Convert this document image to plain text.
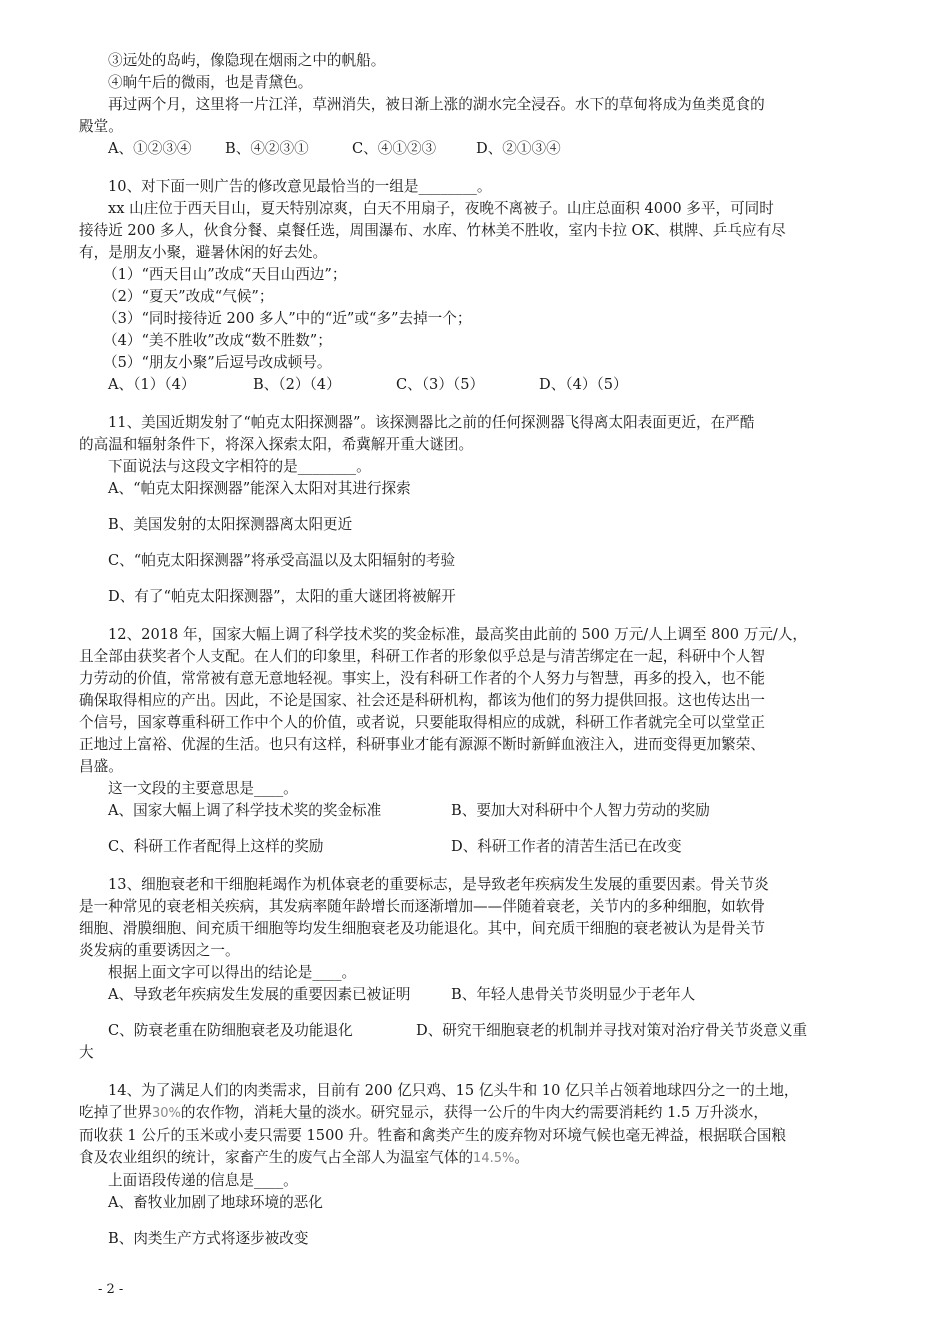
③远处的岛屿，像隐现在烟雨之中的帆船。
④晌午后的微雨，也是青黛色。
再过两个月，这里将一片江洋，草洲消失，被日渐上涨的湖水完全浸吞。水下的草甸将成为鱼类觅食的
殿堂。
A、①②③④ B、④②③①	C、④①②③	D、②①③④
10、对下面一则广告的修改意见最恰当的一组是________。
xx 山庄位于西天目山，夏天特别凉爽，白天不用扇子，夜晚不离被子。山庄总面积 4000 多平，可同时
接待近 200 多人，伙食分餐、桌餐任选，周围瀑布、水库、竹林美不胜收，室内卡拉 OK、棋牌、乒乓应有尽
有，是朋友小聚，避暑休闲的好去处。
（1）“西天目山”改成“天目山西边”；
（2）“夏天”改成“气候”；
（3）“同时接待近 200 多人”中的“近”或“多”去掉一个；
（4）“美不胜收”改成“数不胜数”；
（5）“朋友小聚”后逗号改成顿号。
A、（1）（4）	B、（2）（4）	C、（3）（5）	D、（4）（5）
11、美国近期发射了“帕克太阳探测器”。该探测器比之前的任何探测器飞得离太阳表面更近，在严酷
的高温和辐射条件下，将深入探索太阳，希冀解开重大谜团。
下面说法与这段文字相符的是________。
A、“帕克太阳探测器”能深入太阳对其进行探索
B、美国发射的太阳探测器离太阳更近
C、“帕克太阳探测器”将承受高温以及太阳辐射的考验
D、有了“帕克太阳探测器”，太阳的重大谜团将被解开
12、2018 年，国家大幅上调了科学技术奖的奖金标准，最高奖由此前的 500 万元/人上调至 800 万元/人，
且全部由获奖者个人支配。在人们的印象里，科研工作者的形象似乎总是与清苦绑定在一起，科研中个人智
力劳动的价值，常常被有意无意地轻视。事实上，没有科研工作者的个人努力与智慧，再多的投入，也不能
确保取得相应的产出。因此，不论是国家、社会还是科研机构，都该为他们的努力提供回报。这也传达出一
个信号，国家尊重科研工作中个人的价值，或者说，只要能取得相应的成就，科研工作者就完全可以堂堂正
正地过上富裕、优渥的生活。也只有这样，科研事业才能有源源不断时新鲜血液注入，进而变得更加繁荣、
昌盛。
这一文段的主要意思是____。
A、国家大幅上调了科学技术奖的奖金标准	B、要加大对科研中个人智力劳动的奖励
C、科研工作者配得上这样的奖励	D、科研工作者的清苦生活已在改变
13、细胞衰老和干细胞耗竭作为机体衰老的重要标志，是导致老年疾病发生发展的重要因素。骨关节炎
是一种常见的衰老相关疾病，其发病率随年龄增长而逐渐增加——伴随着衰老，关节内的多种细胞，如软骨
细胞、滑膜细胞、间充质干细胞等均发生细胞衰老及功能退化。其中，间充质干细胞的衰老被认为是骨关节
炎发病的重要诱因之一。
根据上面文字可以得出的结论是____。
A、导致老年疾病发生发展的重要因素已被证明	B、年轻人患骨关节炎明显少于老年人
C、防衰老重在防细胞衰老及功能退化	D、研究干细胞衰老的机制并寻找对策对治疗骨关节炎意义重
大
14、为了满足人们的肉类需求，目前有 200 亿只鸡、15 亿头牛和 10 亿只羊占领着地球四分之一的土地，
吃掉了世界30%的农作物，消耗大量的淡水。研究显示，获得一公斤的牛肉大约需要消耗约 1.5 万升淡水，
而收获 1 公斤的玉米或小麦只需要 1500 升。牲畜和禽类产生的废弃物对环境气候也毫无裨益，根据联合国粮
食及农业组织的统计，家畜产生的废气占全部人为温室气体的14.5%。
上面语段传递的信息是____。
A、畜牧业加剧了地球环境的恶化
B、肉类生产方式将逐步被改变
- 2 -
